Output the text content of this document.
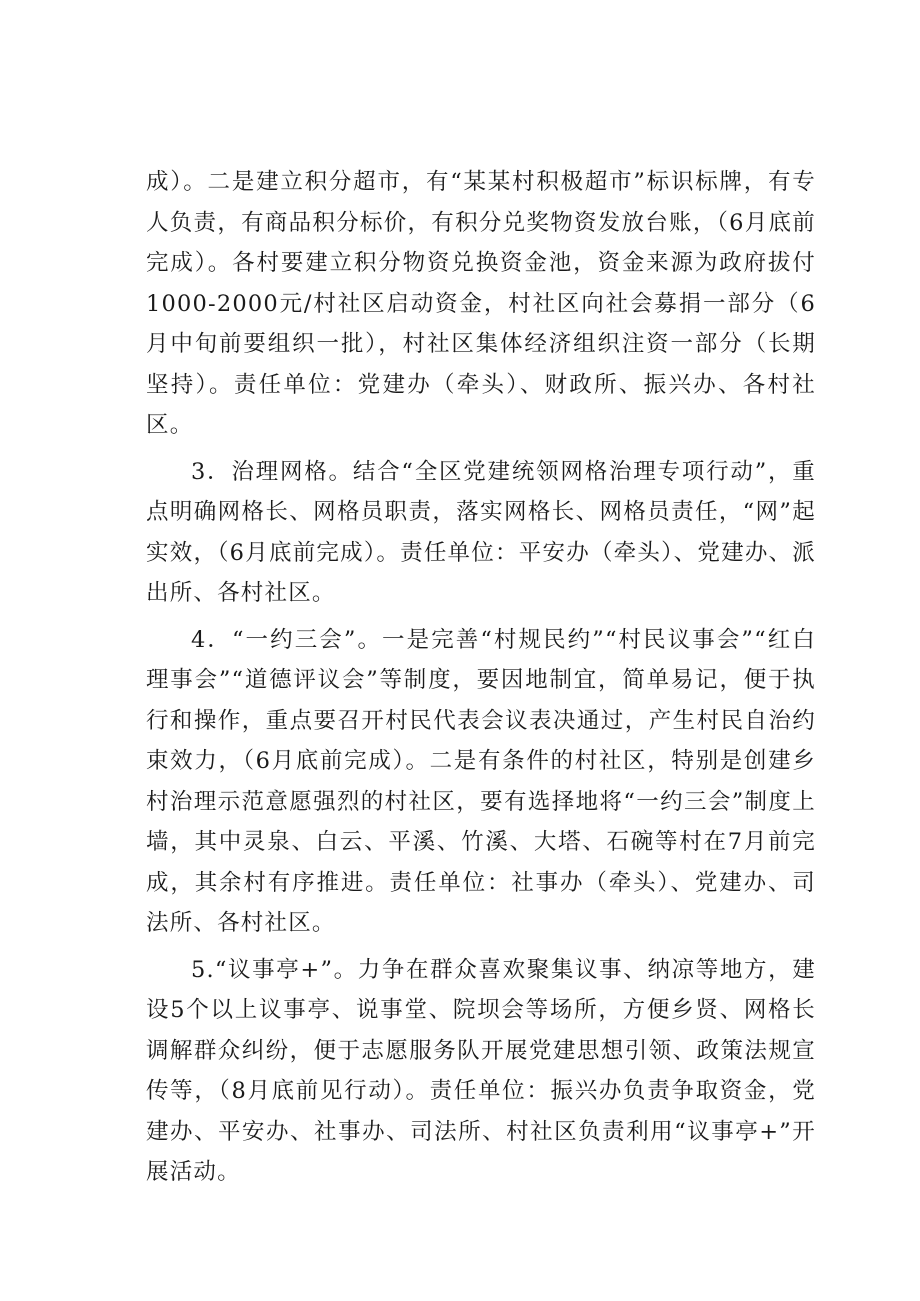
成）。二是建立积分超市，有“某某村积极超市”标识标牌，有专人负责，有商品积分标价，有积分兑奖物资发放台账，（6月底前完成）。各村要建立积分物资兑换资金池，资金来源为政府拔付1000-2000元/村社区启动资金，村社区向社会募捐一部分（6月中旬前要组织一批），村社区集体经济组织注资一部分（长期坚持）。责任单位：党建办（牵头）、财政所、振兴办、各村社区。

3．治理网格。结合“全区党建统领网格治理专项行动”，重点明确网格长、网格员职责，落实网格长、网格员责任，“网”起实效，（6月底前完成）。责任单位：平安办（牵头）、党建办、派出所、各村社区。

4．“一约三会”。一是完善“村规民约”“村民议事会”“红白理事会”“道德评议会”等制度，要因地制宜，简单易记，便于执行和操作，重点要召开村民代表会议表决通过，产生村民自治约束效力，（6月底前完成）。二是有条件的村社区，特别是创建乡村治理示范意愿强烈的村社区，要有选择地将“一约三会”制度上墙，其中灵泉、白云、平溪、竹溪、大塔、石碗等村在7月前完成，其余村有序推进。责任单位：社事办（牵头）、党建办、司法所、各村社区。

5.“议事亭+”。力争在群众喜欢聚集议事、纳凉等地方，建设5个以上议事亭、说事堂、院坝会等场所，方便乡贤、网格长调解群众纠纷，便于志愿服务队开展党建思想引领、政策法规宣传等，（8月底前见行动）。责任单位：振兴办负责争取资金，党建办、平安办、社事办、司法所、村社区负责利用“议事亭+”开展活动。
